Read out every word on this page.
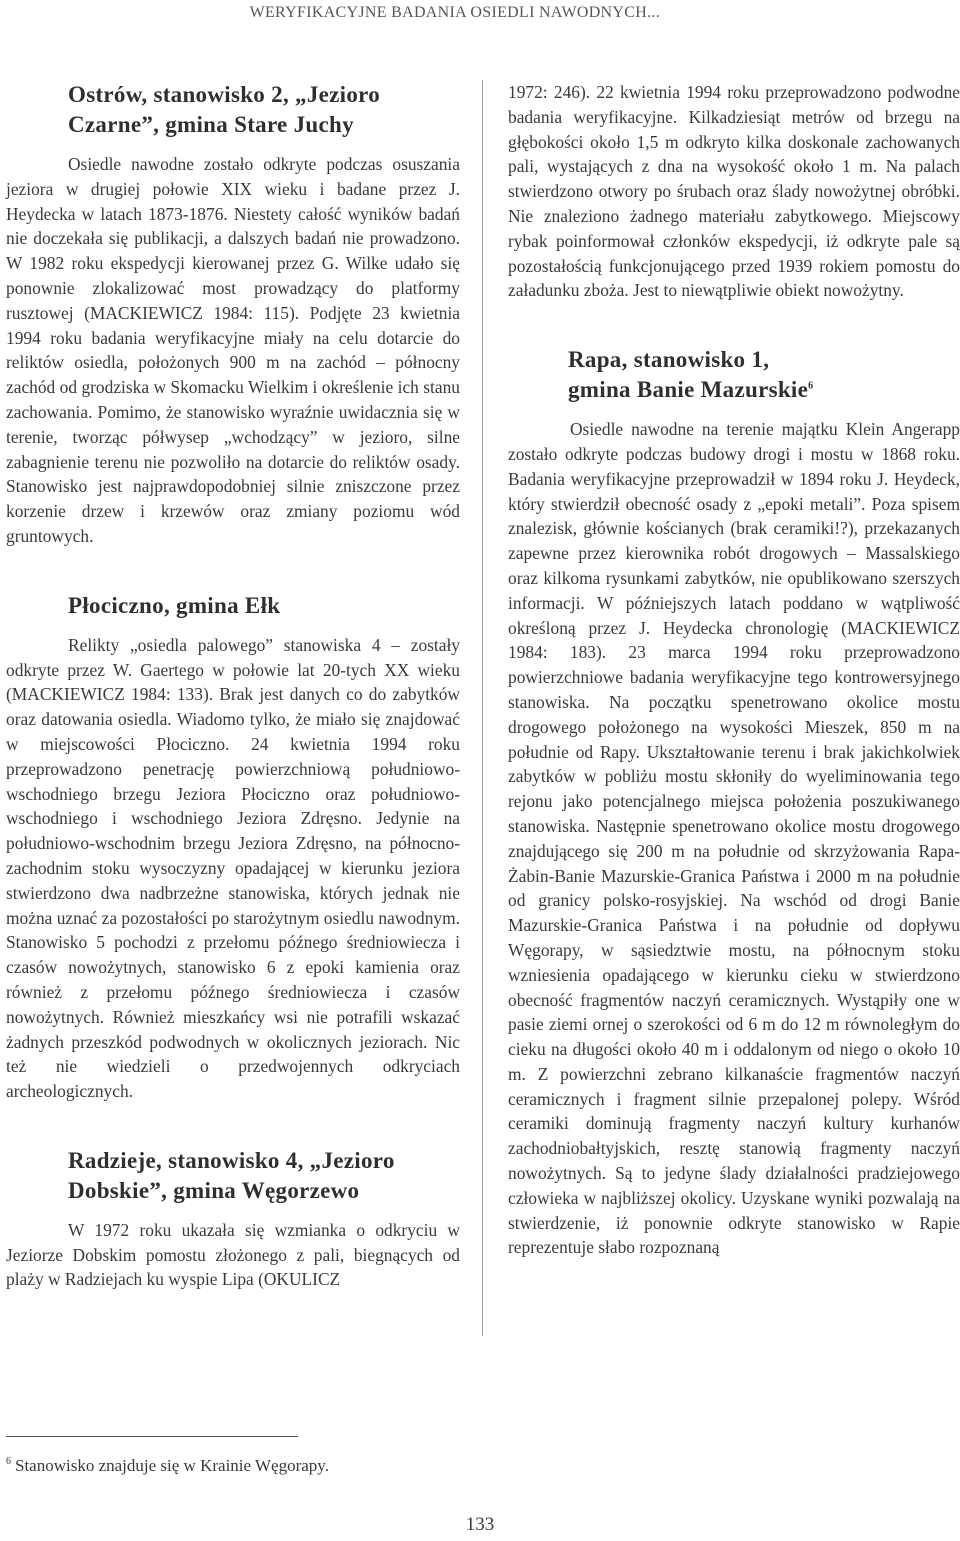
WERYFIKACYJNE BADANIA OSIEDLI NAWODNYCH...
Ostrów, stanowisko 2, „Jezioro Czarne”, gmina Stare Juchy

Osiedle nawodne zostało odkryte podczas osuszania jeziora w drugiej połowie XIX wieku i badane przez J. Heydecka w latach 1873-1876. Niestety całość wyników badań nie doczekała się publikacji, a dalszych badań nie prowadzono. W 1982 roku ekspedycji kierowanej przez G. Wilke udało się ponownie zlokalizować most prowadzący do platformy rusztowej (MACKIEWICZ 1984: 115). Podjęte 23 kwietnia 1994 roku badania weryfikacyjne miały na celu dotarcie do reliktów osiedla, położonych 900 m na zachód – północny zachód od grodziska w Skomacku Wielkim i określenie ich stanu zachowania. Pomimo, że stanowisko wyraźnie uwidacznia się w terenie, tworząc półwysep „wchodzący” w jezioro, silne zabagnienie terenu nie pozwoliło na dotarcie do reliktów osady. Stanowisko jest najprawdopodobniej silnie zniszczone przez korzenie drzew i krzewów oraz zmiany poziomu wód gruntowych.

Płociczno, gmina Ełk

Relikty „osiedla palowego” stanowiska 4 – zostały odkryte przez W. Gaertego w połowie lat 20-tych XX wieku (MACKIEWICZ 1984: 133). Brak jest danych co do zabytków oraz datowania osiedla. Wiadomo tylko, że miało się znajdować w miejscowości Płociczno. 24 kwietnia 1994 roku przeprowadzono penetrację powierzchniową południowo-wschodniego brzegu Jeziora Płociczno oraz południowo-wschodniego i wschodniego Jeziora Zdręsno. Jedynie na południowo-wschodnim brzegu Jeziora Zdręsno, na północno-zachodnim stoku wysoczyzny opadającej w kierunku jeziora stwierdzono dwa nadbrzeżne stanowiska, których jednak nie można uznać za pozostałości po starożytnym osiedlu nawodnym. Stanowisko 5 pochodzi z przełomu późnego średniowiecza i czasów nowożytnych, stanowisko 6 z epoki kamienia oraz również z przełomu późnego średniowiecza i czasów nowożytnych. Również mieszkańcy wsi nie potrafili wskazać żadnych przeszkód podwodnych w okolicznych jeziorach. Nic też nie wiedzieli o przedwojennych odkryciach archeologicznych.

Radzieje, stanowisko 4, „Jezioro Dobskie”, gmina Węgorzewo

W 1972 roku ukazała się wzmianka o odkryciu w Jeziorze Dobskim pomostu złożonego z pali, biegnących od plaży w Radziejach ku wyspie Lipa (OKULICZ

1972: 246). 22 kwietnia 1994 roku przeprowadzono podwodne badania weryfikacyjne. Kilkadziesiąt metrów od brzegu na głębokości około 1,5 m odkryto kilka doskonale zachowanych pali, wystających z dna na wysokość około 1 m. Na palach stwierdzono otwory po śrubach oraz ślady nowożytnej obróbki. Nie znaleziono żadnego materiału zabytkowego. Miejscowy rybak poinformował członków ekspedycji, iż odkryte pale są pozostałością funkcjonującego przed 1939 rokiem pomostu do załadunku zboża. Jest to niewątpliwie obiekt nowożytny.

Rapa, stanowisko 1,
gmina Banie Mazurskie$^6$

Osiedle nawodne na terenie majątku Klein Angerapp zostało odkryte podczas budowy drogi i mostu w 1868 roku. Badania weryfikacyjne przeprowadził w 1894 roku J. Heydeck, który stwierdził obecność osady z „epoki metali”. Poza spisem znalezisk, głównie kościanych (brak ceramiki!?), przekazanych zapewne przez kierownika robót drogowych – Massalskiego oraz kilkoma rysunkami zabytków, nie opublikowano szerszych informacji. W późniejszych latach poddano w wątpliwość określoną przez J. Heydecka chronologię (MACKIEWICZ 1984: 183). 23 marca 1994 roku przeprowadzono powierzchniowe badania weryfikacyjne tego kontrowersyjnego stanowiska. Na początku spenetrowano okolice mostu drogowego położonego na wysokości Mieszek, 850 m na południe od Rapy. Ukształtowanie terenu i brak jakichkolwiek zabytków w pobliżu mostu skłoniły do wyeliminowania tego rejonu jako potencjalnego miejsca położenia poszukiwanego stanowiska. Następnie spenetrowano okolice mostu drogowego znajdującego się 200 m na południe od skrzyżowania Rapa-Żabin-Banie Mazurskie-Granica Państwa i 2000 m na południe od granicy polsko-rosyjskiej. Na wschód od drogi Banie Mazurskie-Granica Państwa i na południe od dopływu Węgorapy, w sąsiedztwie mostu, na północnym stoku wzniesienia opadającego w kierunku cieku w stwierdzono obecność fragmentów naczyń ceramicznych. Wystąpiły one w pasie ziemi ornej o szerokości od 6 m do 12 m równoległym do cieku na długości około 40 m i oddalonym od niego o około 10 m. Z powierzchni zebrano kilkanaście fragmentów naczyń ceramicznych i fragment silnie przepalonej polepy. Wśród ceramiki dominują fragmenty naczyń kultury kurhanów zachodniobałtyjskich, resztę stanowią fragmenty naczyń nowożytnych. Są to jedyne ślady działalności pradziejowego człowieka w najbliższej okolicy. Uzyskane wyniki pozwalają na stwierdzenie, iż ponownie odkryte stanowisko w Rapie reprezentuje słabo rozpoznaną

$^6$ Stanowisko znajduje się w Krainie Węgorapy.
133
